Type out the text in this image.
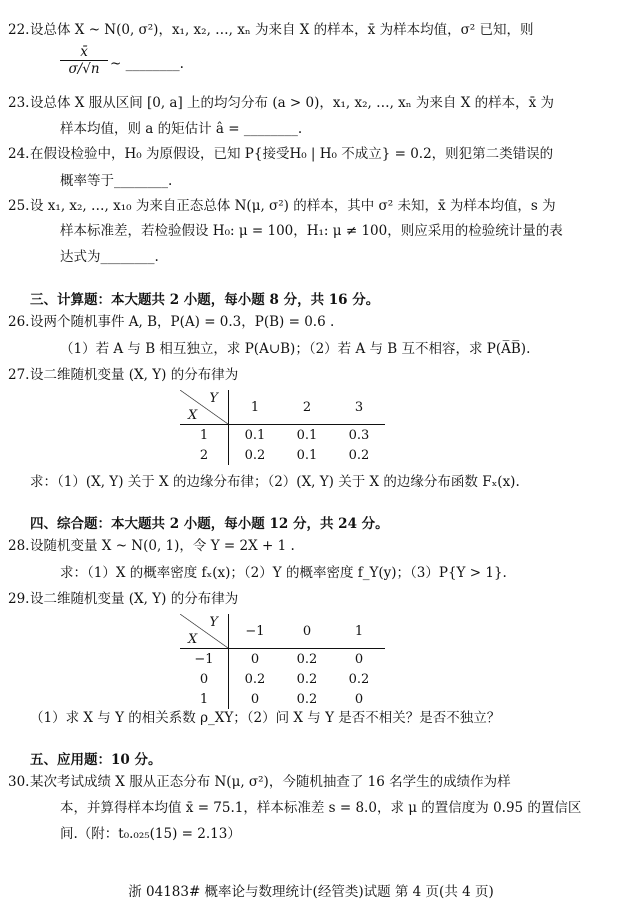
22. 设总体 X ~ N(0, σ²)，x₁, x₂, …, xₙ 为来自 X 的样本，x̄ 为样本均值，σ² 已知，则
x̄
σ/√n ~ ________.
23. 设总体 X 服从区间 [0, a] 上的均匀分布 (a > 0)，x₁, x₂, …, xₙ 为来自 X 的样本，x̄ 为
样本均值，则 a 的矩估计 â = ________.
24. 在假设检验中，H₀ 为原假设，已知 P{接受H₀ | H₀ 不成立} = 0.2，则犯第二类错误的
概率等于________.
25. 设 x₁, x₂, …, x₁₀ 为来自正态总体 N(μ, σ²) 的样本，其中 σ² 未知，x̄ 为样本均值，s 为
样本标准差，若检验假设 H₀: μ = 100，H₁: μ ≠ 100，则应采用的检验统计量的表
达式为________.
三、计算题：本大题共 2 小题，每小题 8 分，共 16 分。
26. 设两个随机事件 A, B，P(A) = 0.3，P(B) = 0.6 .
（1）若 A 与 B 相互独立，求 P(A∪B)；（2）若 A 与 B 互不相容，求 P(A̅B̅).
27. 设二维随机变量 (X, Y) 的分布律为
Y
X	1	2	3
1	0.1	0.1	0.3
2	0.2	0.1	0.2
求：（1）(X, Y) 关于 X 的边缘分布律；（2）(X, Y) 关于 X 的边缘分布函数 Fₓ(x).
四、综合题：本大题共 2 小题，每小题 12 分，共 24 分。
28. 设随机变量 X ~ N(0, 1)，令 Y = 2X + 1 .
求：（1）X 的概率密度 fₓ(x)；（2）Y 的概率密度 f_Y(y)；（3）P{Y > 1}.
29. 设二维随机变量 (X, Y) 的分布律为
Y
X	−1	0	1
−1	0	0.2	0
0	0.2	0.2	0.2
1	0	0.2	0
（1）求 X 与 Y 的相关系数 ρ_XY；（2）问 X 与 Y 是否不相关？是否不独立？
五、应用题：10 分。
30. 某次考试成绩 X 服从正态分布 N(μ, σ²)，今随机抽查了 16 名学生的成绩作为样
本，并算得样本均值 x̄ = 75.1，样本标准差 s = 8.0，求 μ 的置信度为 0.95 的置信区
间.（附：t₀.₀₂₅(15) = 2.13）
浙 04183# 概率论与数理统计(经管类)试题 第 4 页(共 4 页)
